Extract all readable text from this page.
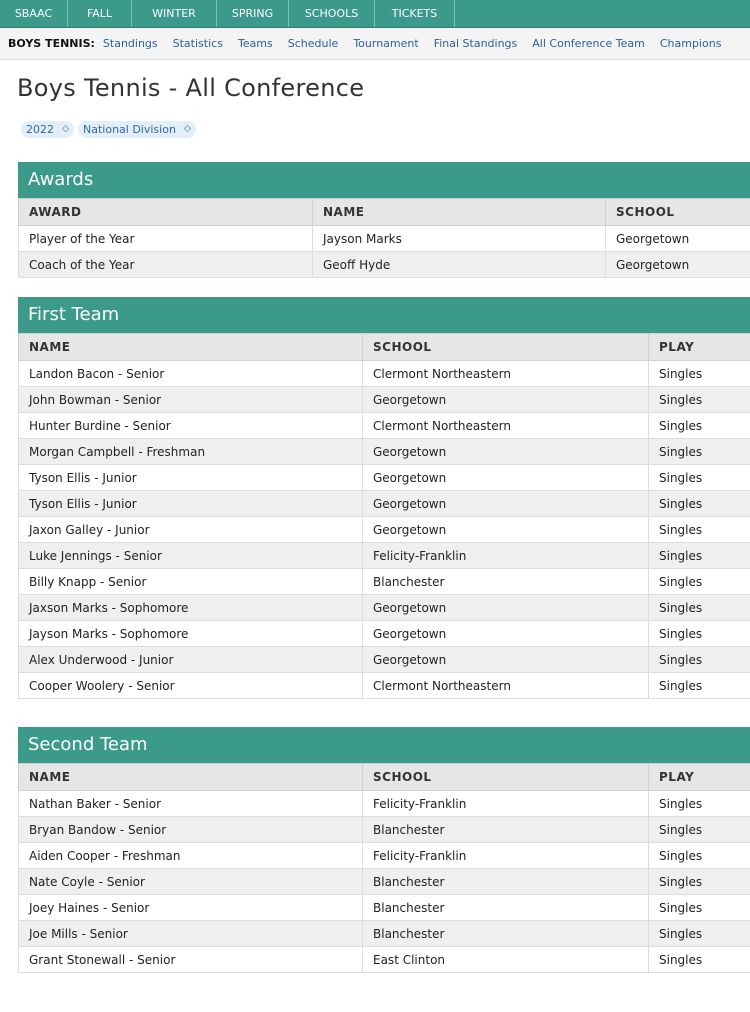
SBAAC	FALL	WINTER	SPRING	SCHOOLS	TICKETS
BOYS TENNIS: Standings Statistics Teams Schedule Tournament Final Standings All Conference Team Champions
Boys Tennis - All Conference
2022 ◇	National Division ◇
Awards
AWARD	NAME	SCHOOL
Player of the Year	Jayson Marks	Georgetown
Coach of the Year	Geoff Hyde	Georgetown
First Team
NAME	SCHOOL	PLAY
Landon Bacon - Senior	Clermont Northeastern	Singles
John Bowman - Senior	Georgetown	Singles
Hunter Burdine - Senior	Clermont Northeastern	Singles
Morgan Campbell - Freshman	Georgetown	Singles
Tyson Ellis - Junior	Georgetown	Singles
Tyson Ellis - Junior	Georgetown	Singles
Jaxon Galley - Junior	Georgetown	Singles
Luke Jennings - Senior	Felicity-Franklin	Singles
Billy Knapp - Senior	Blanchester	Singles
Jaxson Marks - Sophomore	Georgetown	Singles
Jayson Marks - Sophomore	Georgetown	Singles
Alex Underwood - Junior	Georgetown	Singles
Cooper Woolery - Senior	Clermont Northeastern	Singles
Second Team
NAME	SCHOOL	PLAY
Nathan Baker - Senior	Felicity-Franklin	Singles
Bryan Bandow - Senior	Blanchester	Singles
Aiden Cooper - Freshman	Felicity-Franklin	Singles
Nate Coyle - Senior	Blanchester	Singles
Joey Haines - Senior	Blanchester	Singles
Joe Mills - Senior	Blanchester	Singles
Grant Stonewall - Senior	East Clinton	Singles
